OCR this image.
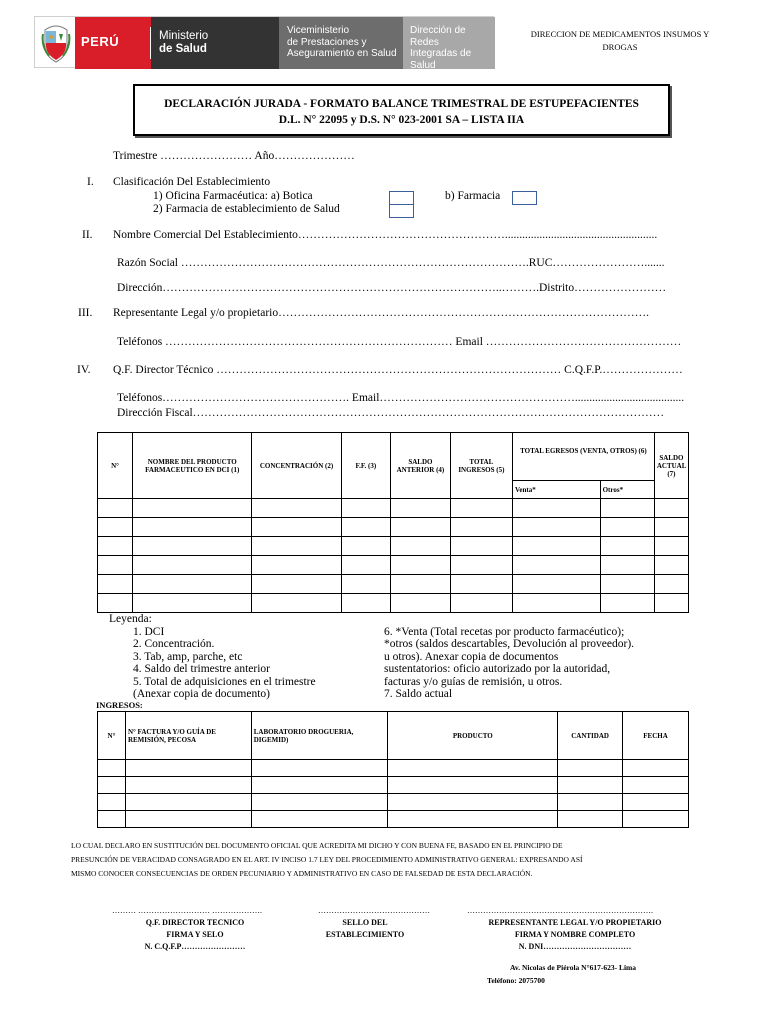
PERÚ	Ministerio
de Salud
Viceministerio
de Prestaciones y
Aseguramiento en Salud
Dirección de Redes
Integradas de Salud
Lima Centro
DIRECCION DE MEDICAMENTOS INSUMOS Y
DROGAS
DECLARACIÓN JURADA - FORMATO BALANCE TRIMESTRAL DE ESTUPEFACIENTES
D.L. N° 22095 y D.S. N° 023-2001 SA – LISTA IIA
Trimestre …………………… Año…………………
I. Clasificación Del Establecimiento
1) Oficina Farmacéutica: a) Botica	b) Farmacia
2) Farmacia de establecimiento de Salud
II. Nombre Comercial Del Establecimiento……………………………………………….....................................................
Razón Social ……………………………………………………………………………….RUC…………………….......
Dirección……………………………………………………………………………..……….Distrito……………………
III. Representante Legal y/o propietario…………………………………………………………………………………….
Teléfonos ………………………………………………………………… Email ……………………………………………
IV. Q.F. Director Técnico ……………………………………………………………………………… C.Q.F.P.…………………
Teléfonos…………………………………………. Email……………………………………………......................................
Dirección Fiscal……………………………………………………………………………………………………………
N°	NOMBRE DEL PRODUCTO FARMACEUTICO EN DCI (1)	CONCENTRACIÓN (2)	F.F. (3)	SALDO ANTERIOR (4)	TOTAL INGRESOS (5)	TOTAL EGRESOS (VENTA, OTROS) (6)		SALDO ACTUAL (7)
						Venta*	Otros*	

Leyenda:
1. DCI
2. Concentración.
3. Tab, amp, parche, etc
4. Saldo del trimestre anterior
5. Total de adquisiciones en el trimestre
(Anexar copia de documento)
6. *Venta (Total recetas por producto farmacéutico);
*otros (saldos descartables, Devolución al proveedor).
u otros). Anexar copia de documentos
sustentatorios: oficio autorizado por la autoridad,
facturas y/o guías de remisión, u otros.
7. Saldo actual
INGRESOS:
N°	N° FACTURA Y/O GUÍA DE REMISIÓN, PECOSA	LABORATORIO DROGUERIA, DIGEMID)	PRODUCTO	CANTIDAD	FECHA

LO CUAL DECLARO EN SUSTITUCIÓN DEL DOCUMENTO OFICIAL QUE ACREDITA MI DICHO Y CON BUENA FE, BASADO EN EL PRINCIPIO DE
PRESUNCIÓN DE VERACIDAD CONSAGRADO EN EL ART. IV INCISO 1.7 LEY DEL PROCEDIMIENTO ADMINISTRATIVO GENERAL: EXPRESANDO ASÍ
MISMO CONOCER CONSECUENCIAS DE ORDEN PECUNIARIO Y ADMINISTRATIVO EN CASO DE FALSEDAD DE ESTA DECLARACIÓN.
……… ……………………… ……………….
Q.F. DIRECTOR TECNICO
FIRMA Y SELO
N. C.Q.F.P……………………
……………………………………
SELLO DEL
ESTABLECIMIENTO
…………………………………………………………….
REPRESENTANTE LEGAL Y/O PROPIETARIO
FIRMA Y NOMBRE COMPLETO
N. DNI……………………………
Av. Nicolas de Piérola N°617-623- Lima
Teléfono: 2075700
